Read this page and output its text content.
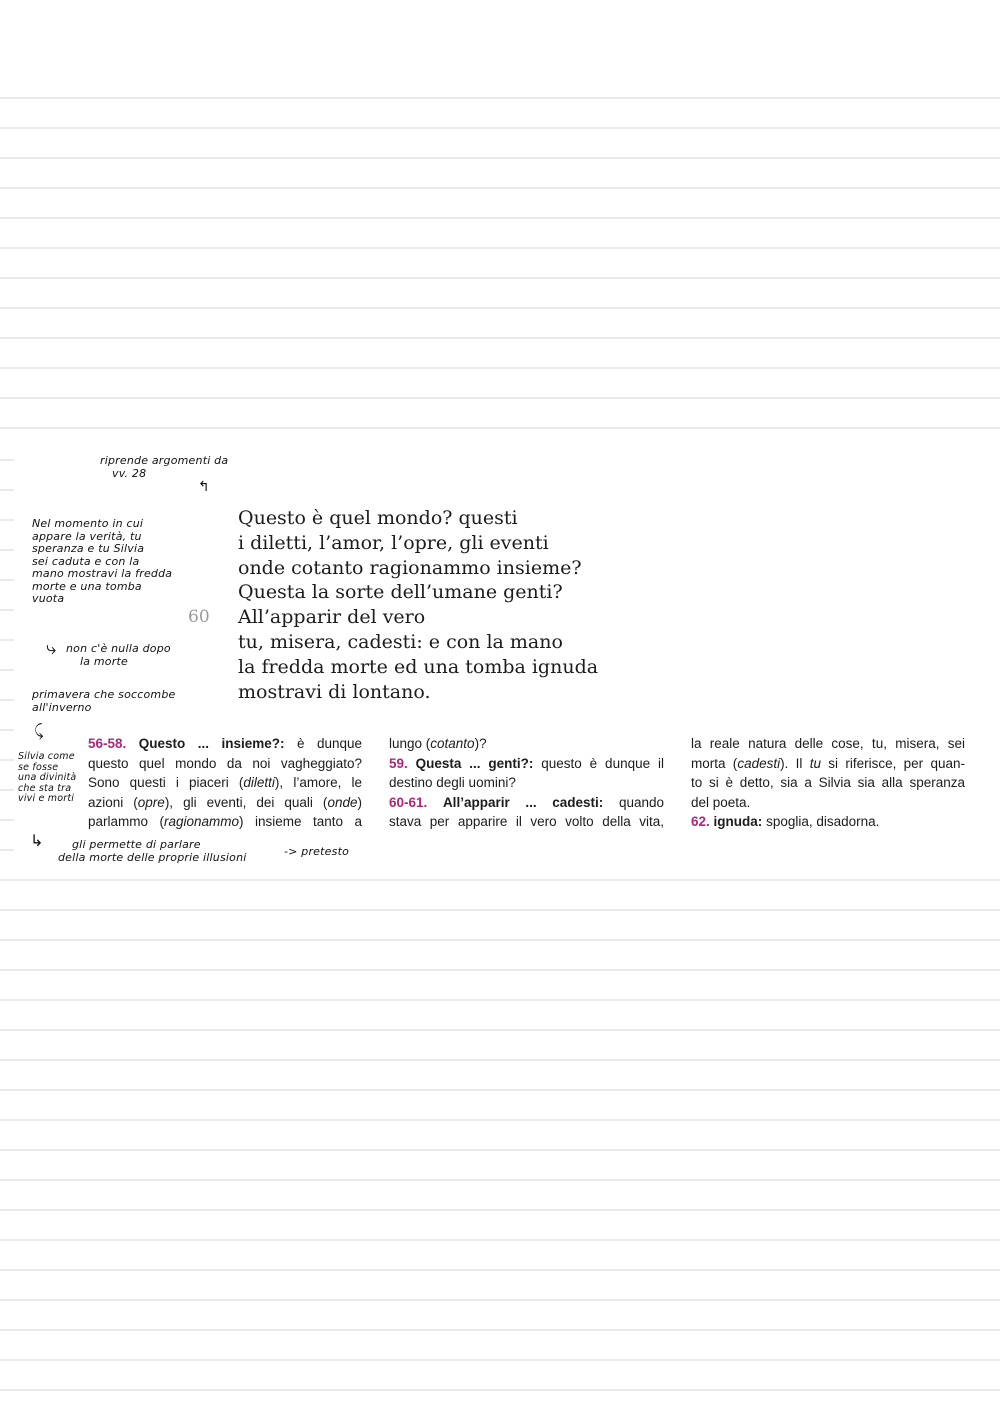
riprende argomenti da
vv. 28
↰
Nel momento in cui
appare la verità, tu
speranza e tu Silvia
sei caduta e con la
mano mostravi la fredda
morte e una tomba
vuota
⤷ non c'è nulla dopo
la morte
primavera che soccombe
all'inverno
⤹
Silvia come
se fosse
una divinità
che sta tra
vivi e morti
↳	gli permette di parlare
della morte delle proprie illusioni	-> pretesto
60
Questo è quel mondo? questi
i diletti, l’amor, l’opre, gli eventi
onde cotanto ragionammo insieme?
Questa la sorte dell’umane genti?
All’apparir del vero
tu, misera, cadesti: e con la mano
la fredda morte ed una tomba ignuda
mostravi di lontano.
56-58. Questo ... insieme?: è dunque
questo quel mondo da noi vagheggiato?
Sono questi i piaceri (diletti), l’amore, le
azioni (opre), gli eventi, dei quali (onde)
parlammo (ragionammo) insieme tanto a
lungo (cotanto)?
59. Questa ... genti?: questo è dunque il
destino degli uomini?
60-61. All’apparir ... cadesti: quando
stava per apparire il vero volto della vita,
la reale natura delle cose, tu, misera, sei
morta (cadesti). Il tu si riferisce, per quan-
to si è detto, sia a Silvia sia alla speranza
del poeta.
62. ignuda: spoglia, disadorna.
